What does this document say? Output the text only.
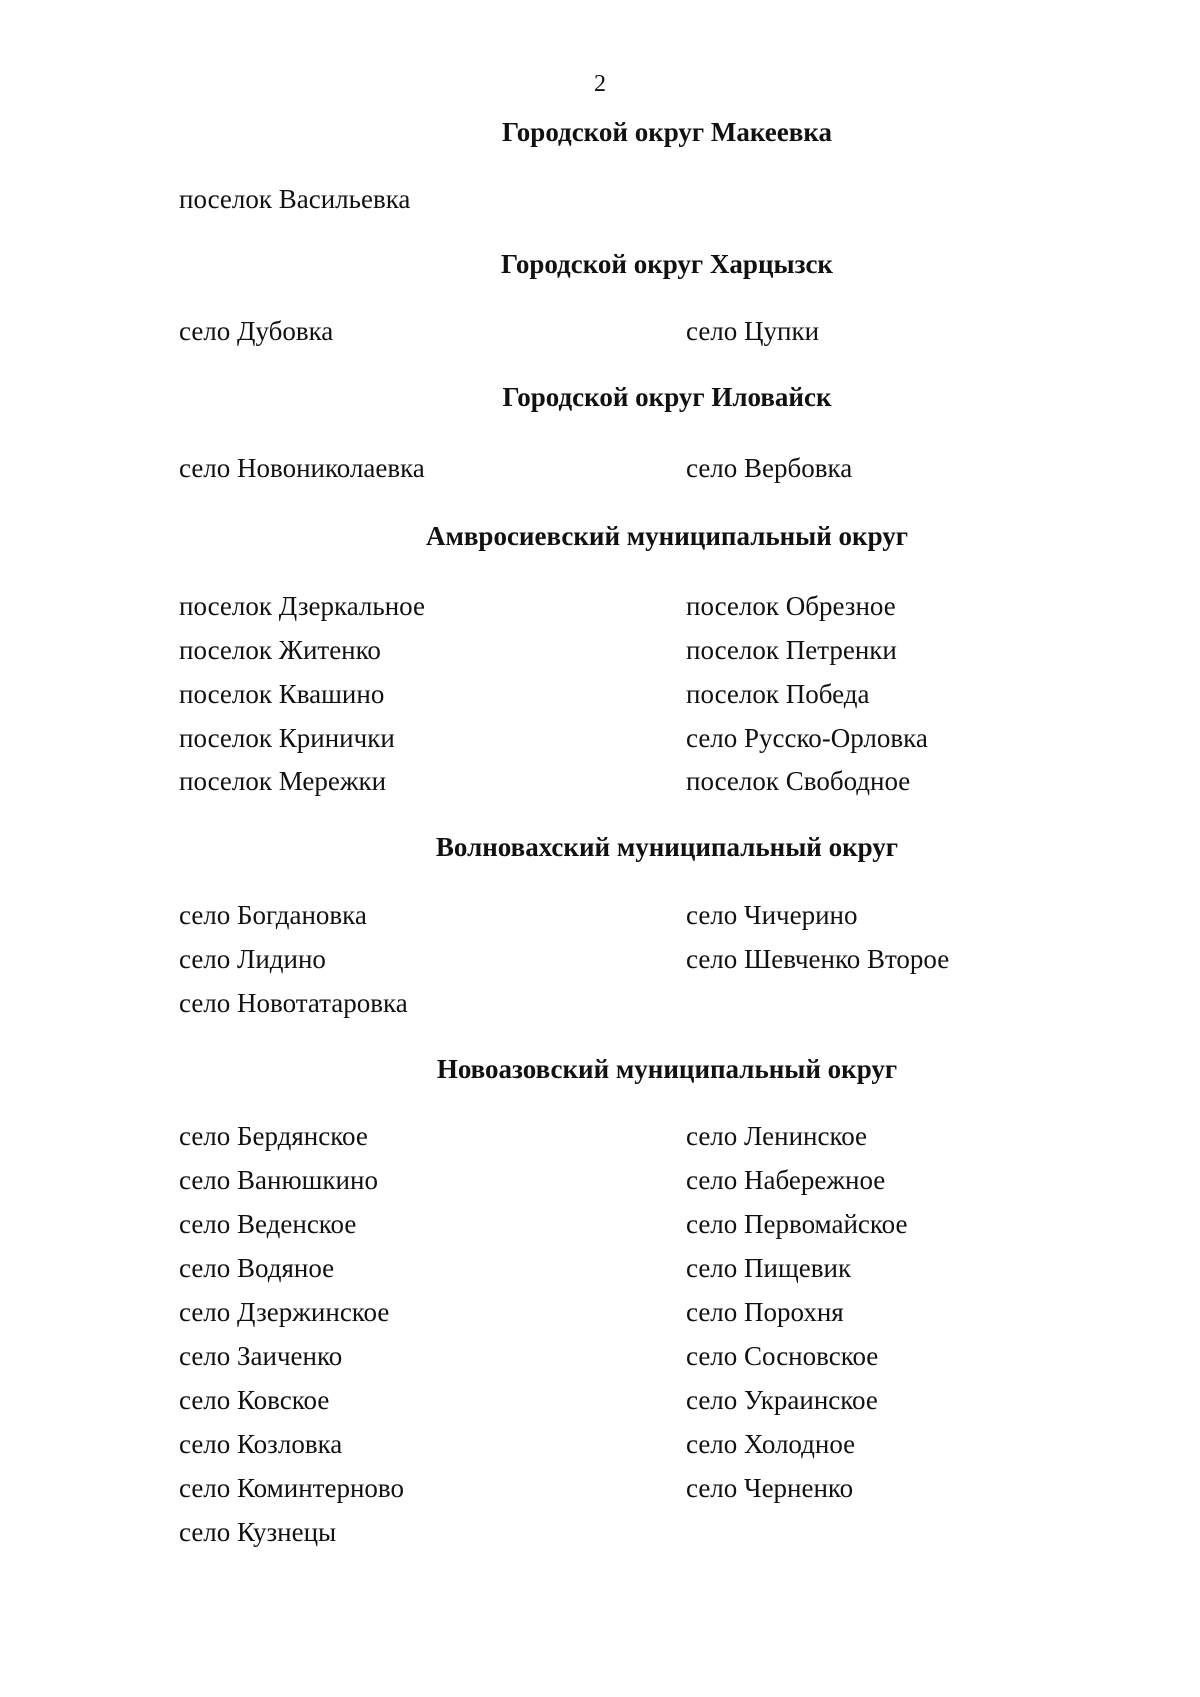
2
Городской округ Макеевка
поселок Васильевка
Городской округ Харцызск
село Дубовка	село Цупки
Городской округ Иловайск
село Новониколаевка	село Вербовка
Амвросиевский муниципальный округ
поселок Дзеркальное
поселок Житенко
поселок Квашино
поселок Кринички
поселок Мережки
поселок Обрезное
поселок Петренки
поселок Победа
село Русско-Орловка
поселок Свободное
Волновахский муниципальный округ
село Богдановка
село Лидино
село Новотатаровка
село Чичерино
село Шевченко Второе
Новоазовский муниципальный округ
село Бердянское
село Ванюшкино
село Веденское
село Водяное
село Дзержинское
село Заиченко
село Ковское
село Козловка
село Коминтерново
село Кузнецы
село Ленинское
село Набережное
село Первомайское
село Пищевик
село Порохня
село Сосновское
село Украинское
село Холодное
село Черненко
